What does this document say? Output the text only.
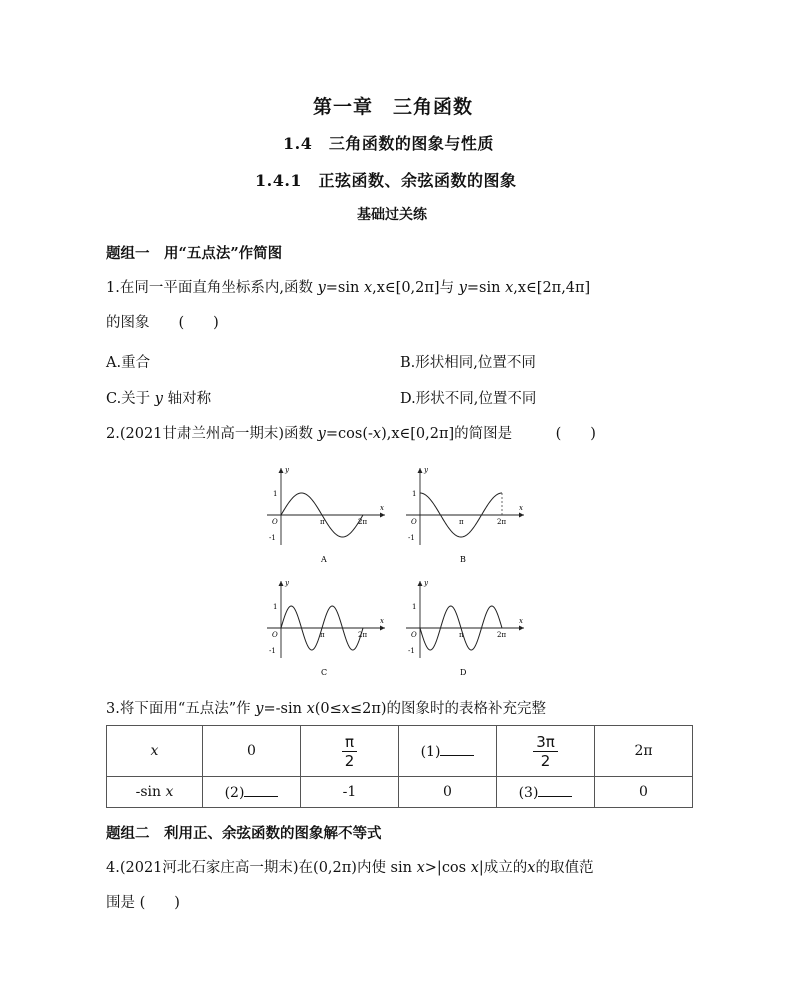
第一章　三角函数
1.4　三角函数的图象与性质
1.4.1　正弦函数、余弦函数的图象
基础过关练
题组一　用“五点法”作简图
1.在同一平面直角坐标系内,函数 y=sin x,x∈[0,2π]与 y=sin x,x∈[2π,4π]
的图象　　(　　)
A.重合	B.形状相同,位置不同
C.关于 y 轴对称	D.形状不同,位置不同
2.(2021甘肃兰州高一期末)函数 y=cos(-x),x∈[0,2π]的简图是　　　(　　)
y
x
O
1
-1
π	2π
A
y
x
O
1
-1
π	2π
B
y
x
O
1
-1
π	2π
C
y
x
O
1
-1
π	2π
D
3.将下面用“五点法”作 y=-sin x(0≤x≤2π)的图象时的表格补充完整
x	0	$\frac{\pi}{2}$	(1)	$\frac{3\pi}{2}$	2π
-sin x	(2)	-1	0	(3)	0
题组二　利用正、余弦函数的图象解不等式
4.(2021河北石家庄高一期末)在(0,2π)内使 sin x>|cos x|成立的x的取值范
围是 (　　)
